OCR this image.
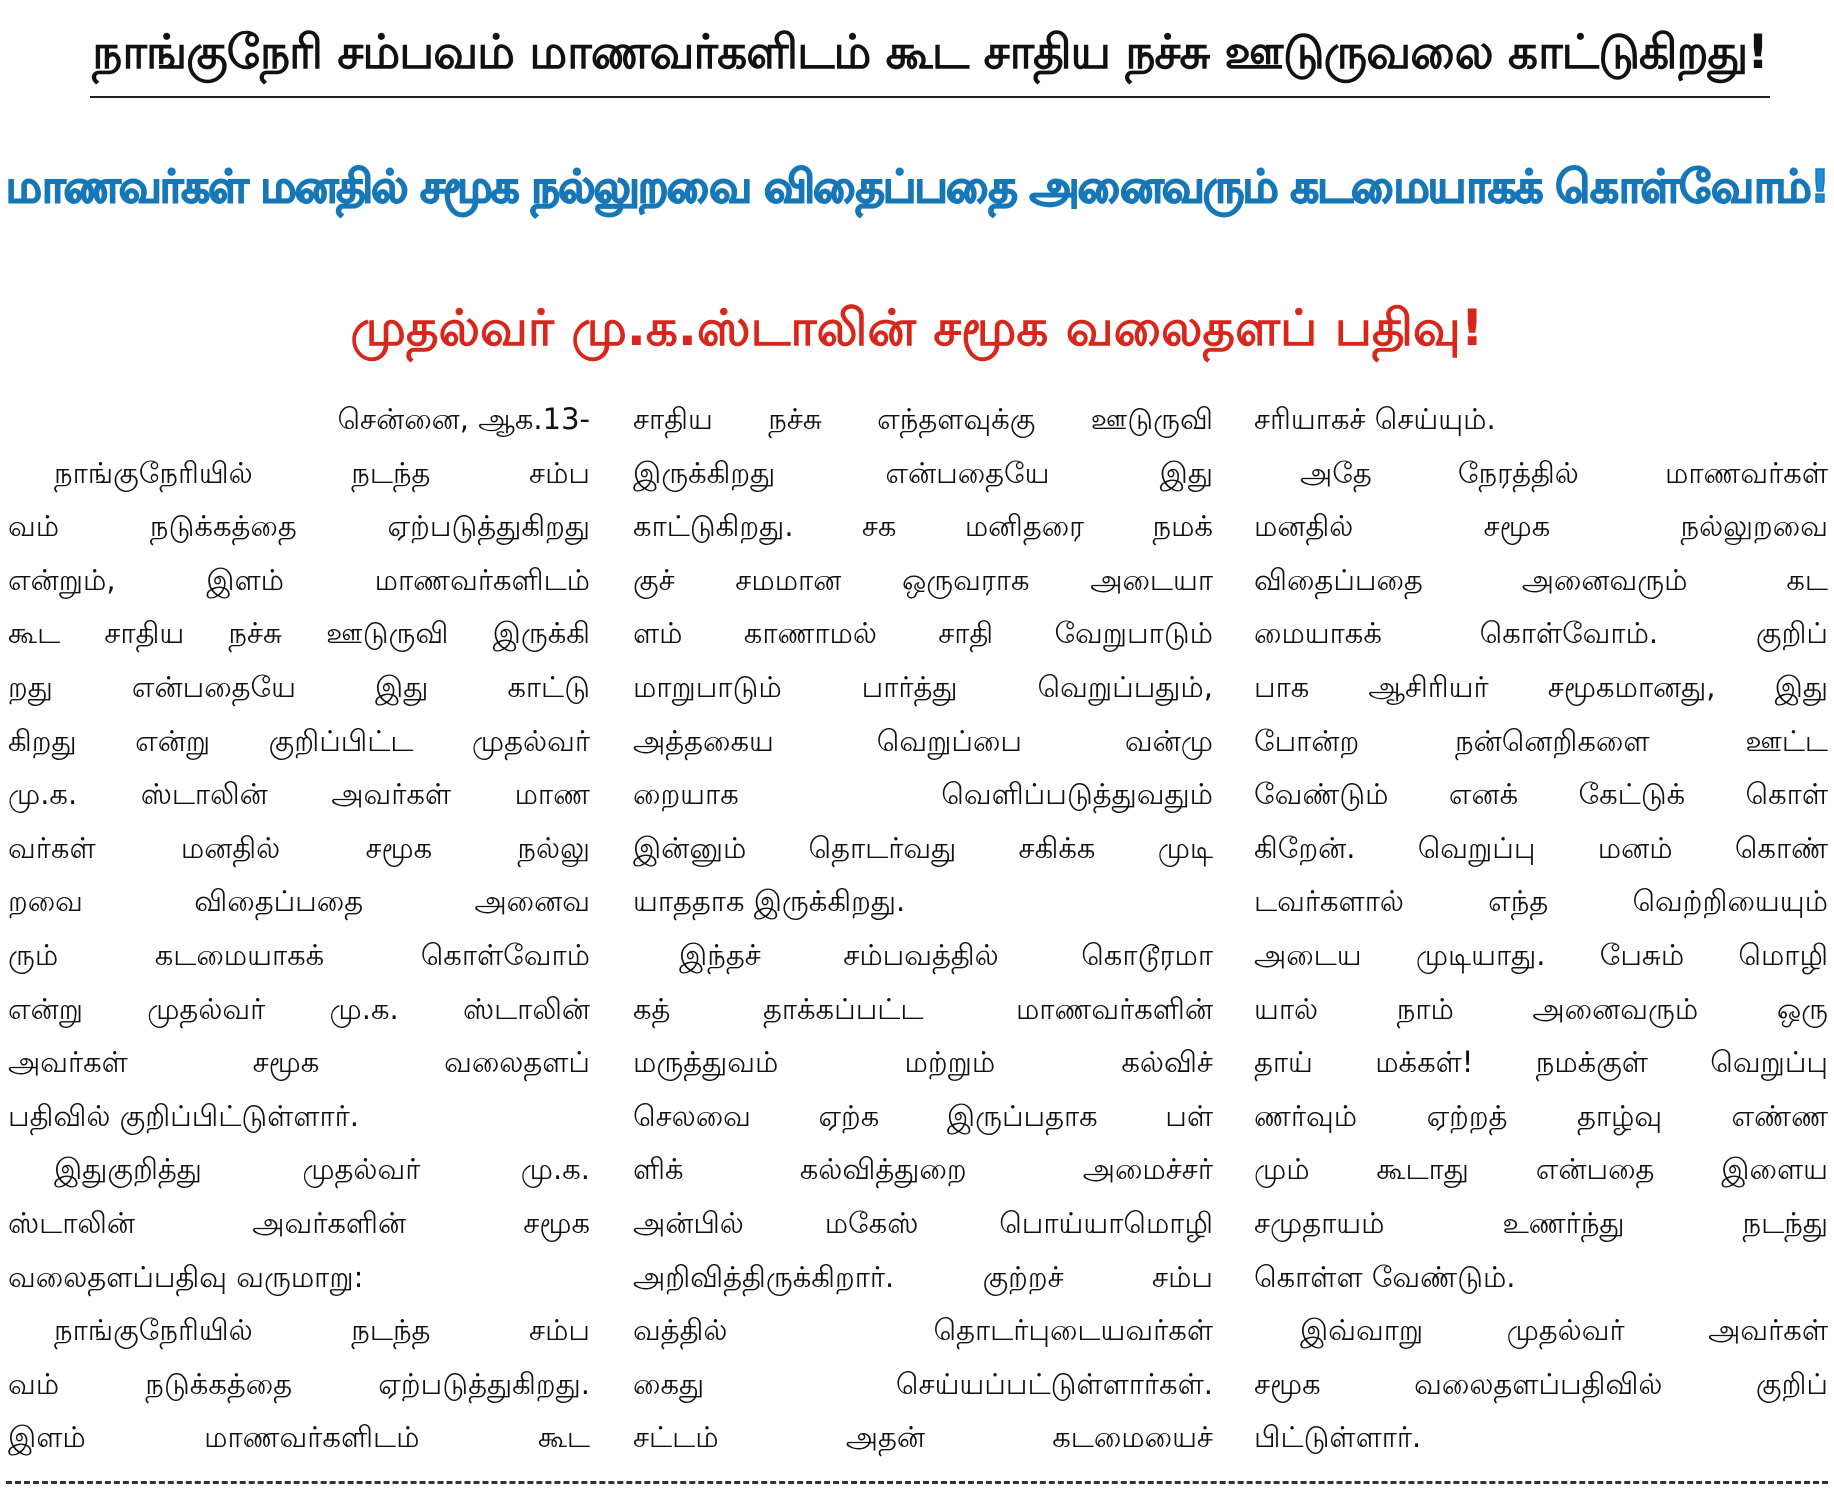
நாங்குநேரி சம்பவம் மாணவர்களிடம் கூட சாதிய நச்சு ஊடுருவலை காட்டுகிறது!
மாணவர்கள் மனதில் சமூக நல்லுறவை விதைப்பதை அனைவரும் கடமையாகக் கொள்வோம்!
முதல்வர் மு.க.ஸ்டாலின் சமூக வலைதளப் பதிவு!
சென்னை, ஆக.13-
நாங்குநேரியில் நடந்த சம்ப
வம் நடுக்கத்தை ஏற்படுத்துகிறது
என்றும், இளம் மாணவர்களிடம்
கூட சாதிய நச்சு ஊடுருவி இருக்கி
றது என்பதையே இது காட்டு
கிறது என்று குறிப்பிட்ட முதல்வர்
மு.க. ஸ்டாலின் அவர்கள் மாண
வர்கள் மனதில் சமூக நல்லு
றவை விதைப்பதை அனைவ
ரும் கடமையாகக் கொள்வோம்
என்று முதல்வர் மு.க. ஸ்டாலின்
அவர்கள் சமூக வலைதளப்
பதிவில் குறிப்பிட்டுள்ளார்.
இதுகுறித்து முதல்வர் மு.க.
ஸ்டாலின் அவர்களின் சமூக
வலைதளப்பதிவு வருமாறு:
நாங்குநேரியில் நடந்த சம்ப
வம் நடுக்கத்தை ஏற்படுத்துகிறது.
இளம் மாணவர்களிடம் கூட
சாதிய நச்சு எந்தளவுக்கு ஊடுருவி
இருக்கிறது என்பதையே இது
காட்டுகிறது. சக மனிதரை நமக்
குச் சமமான ஒருவராக அடையா
ளம் காணாமல் சாதி வேறுபாடும்
மாறுபாடும் பார்த்து வெறுப்பதும்,
அத்தகைய வெறுப்பை வன்மு
றையாக வெளிப்படுத்துவதும்
இன்னும் தொடர்வது சகிக்க முடி
யாததாக இருக்கிறது.
இந்தச் சம்பவத்தில் கொடூரமா
கத் தாக்கப்பட்ட மாணவர்களின்
மருத்துவம் மற்றும் கல்விச்
செலவை ஏற்க இருப்பதாக பள்
ளிக் கல்வித்துறை அமைச்சர்
அன்பில் மகேஸ் பொய்யாமொழி
அறிவித்திருக்கிறார். குற்றச் சம்ப
வத்தில் தொடர்புடையவர்கள்
கைது செய்யப்பட்டுள்ளார்கள்.
சட்டம் அதன் கடமையைச்
சரியாகச் செய்யும்.
அதே நேரத்தில் மாணவர்கள்
மனதில் சமூக நல்லுறவை
விதைப்பதை அனைவரும் கட
மையாகக் கொள்வோம். குறிப்
பாக ஆசிரியர் சமூகமானது, இது
போன்ற நன்னெறிகளை ஊட்ட
வேண்டும் எனக் கேட்டுக் கொள்
கிறேன். வெறுப்பு மனம் கொண்
டவர்களால் எந்த வெற்றியையும்
அடைய முடியாது. பேசும் மொழி
யால் நாம் அனைவரும் ஒரு
தாய் மக்கள்! நமக்குள் வெறுப்பு
ணர்வும் ஏற்றத் தாழ்வு எண்ண
மும் கூடாது என்பதை இளைய
சமுதாயம் உணர்ந்து நடந்து
கொள்ள வேண்டும்.
இவ்வாறு முதல்வர் அவர்கள்
சமூக வலைதளப்பதிவில் குறிப்
பிட்டுள்ளார்.
